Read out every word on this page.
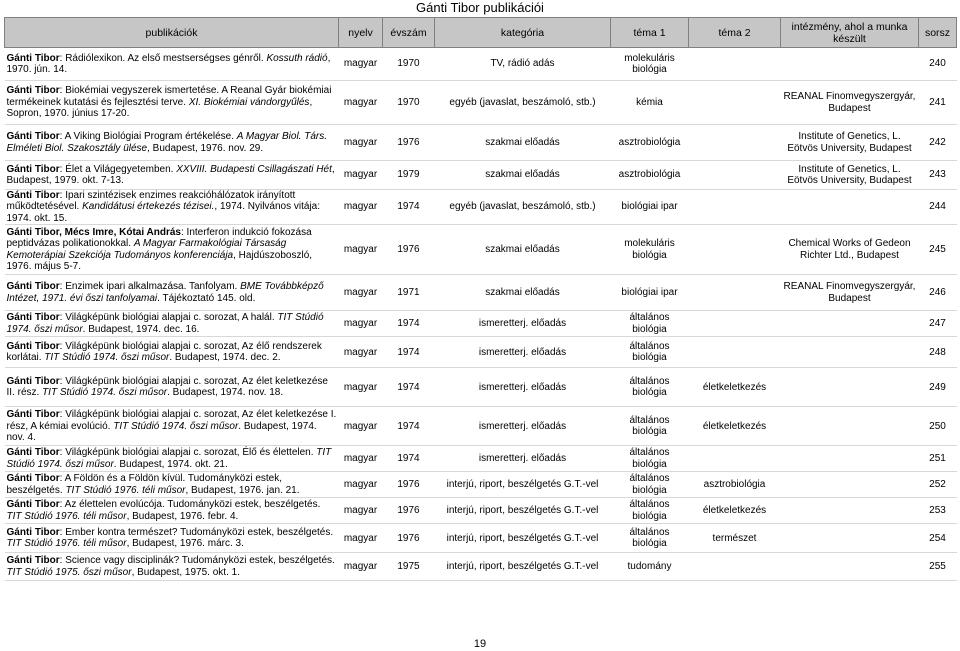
Gánti Tibor publikációi
publikációk	nyelv	évszám	kategória	téma 1	téma 2	intézmény, ahol a munka készült	sorsz
Gánti Tibor: Rádiólexikon. Az első mestserségses génről. Kossuth rádió, 1970. jún. 14.	magyar	1970	TV, rádió adás	molekuláris biológia			240
Gánti Tibor: Biokémiai vegyszerek ismertetése. A Reanal Gyár biokémiai termékeinek kutatási és fejlesztési terve. XI. Biokémiai vándorgyűlés, Sopron, 1970. június 17-20.	magyar	1970	egyéb (javaslat, beszámoló, stb.)	kémia		REANAL Finomvegyszergyár, Budapest	241
Gánti Tibor: A Viking Biológiai Program értékelése. A Magyar Biol. Társ. Elméleti Biol. Szakosztály ülése, Budapest, 1976. nov. 29.	magyar	1976	szakmai előadás	asztrobiológia		Institute of Genetics, L. Eötvös University, Budapest	242
Gánti Tibor: Élet a Világegyetemben. XXVIII. Budapesti Csillagászati Hét, Budapest, 1979. okt. 7-13.	magyar	1979	szakmai előadás	asztrobiológia		Institute of Genetics, L. Eötvös University, Budapest	243
Gánti Tibor: Ipari szintézisek enzimes reakcióhálózatok irányított működtetésével. Kandidátusi értekezés tézisei., 1974. Nyilvános vitája: 1974. okt. 15.	magyar	1974	egyéb (javaslat, beszámoló, stb.)	biológiai ipar			244
Gánti Tibor, Mécs Imre, Kótai András: Interferon indukció fokozása peptidvázas polikationokkal. A Magyar Farmakológiai Társaság Kemoterápiai Szekciója Tudományos konferenciája, Hajdúszoboszló, 1976. május 5-7.	magyar	1976	szakmai előadás	molekuláris biológia		Chemical Works of Gedeon Richter Ltd., Budapest	245
Gánti Tibor: Enzimek ipari alkalmazása. Tanfolyam. BME Továbbképző Intézet, 1971. évi őszi tanfolyamai. Tájékoztató 145. old.	magyar	1971	szakmai előadás	biológiai ipar		REANAL Finomvegyszergyár, Budapest	246
Gánti Tibor: Világképünk biológiai alapjai c. sorozat, A halál. TIT Stúdió 1974. őszi műsor. Budapest, 1974. dec. 16.	magyar	1974	ismeretterj. előadás	általános biológia			247
Gánti Tibor: Világképünk biológiai alapjai c. sorozat, Az élő rendszerek korlátai. TIT Stúdió 1974. őszi műsor. Budapest, 1974. dec. 2.	magyar	1974	ismeretterj. előadás	általános biológia			248
Gánti Tibor: Világképünk biológiai alapjai c. sorozat, Az élet keletkezése II. rész. TIT Stúdió 1974. őszi műsor. Budapest, 1974. nov. 18.	magyar	1974	ismeretterj. előadás	általános biológia	életkeletkezés		249
Gánti Tibor: Világképünk biológiai alapjai c. sorozat, Az élet keletkezése I. rész, A kémiai evolúció. TIT Stúdió 1974. őszi műsor. Budapest, 1974. nov. 4.	magyar	1974	ismeretterj. előadás	általános biológia	életkeletkezés		250
Gánti Tibor: Világképünk biológiai alapjai c. sorozat, Élő és élettelen. TIT Stúdió 1974. őszi műsor. Budapest, 1974. okt. 21.	magyar	1974	ismeretterj. előadás	általános biológia			251
Gánti Tibor: A Földön és a Földön kívül. Tudományközi estek, beszélgetés. TIT Stúdió 1976. téli műsor, Budapest, 1976. jan. 21.	magyar	1976	interjú, riport, beszélgetés G.T.-vel	általános biológia	asztrobiológia		252
Gánti Tibor: Az élettelen evolúcója. Tudományközi estek, beszélgetés. TIT Stúdió 1976. téli műsor, Budapest, 1976. febr. 4.	magyar	1976	interjú, riport, beszélgetés G.T.-vel	általános biológia	életkeletkezés		253
Gánti Tibor: Ember kontra természet? Tudományközi estek, beszélgetés. TIT Stúdió 1976. téli műsor, Budapest, 1976. márc. 3.	magyar	1976	interjú, riport, beszélgetés G.T.-vel	általános biológia	természet		254
Gánti Tibor: Science vagy disciplinák? Tudományközi estek, beszélgetés. TIT Stúdió 1975. őszi műsor, Budapest, 1975. okt. 1.	magyar	1975	interjú, riport, beszélgetés G.T.-vel	tudomány			255
19
